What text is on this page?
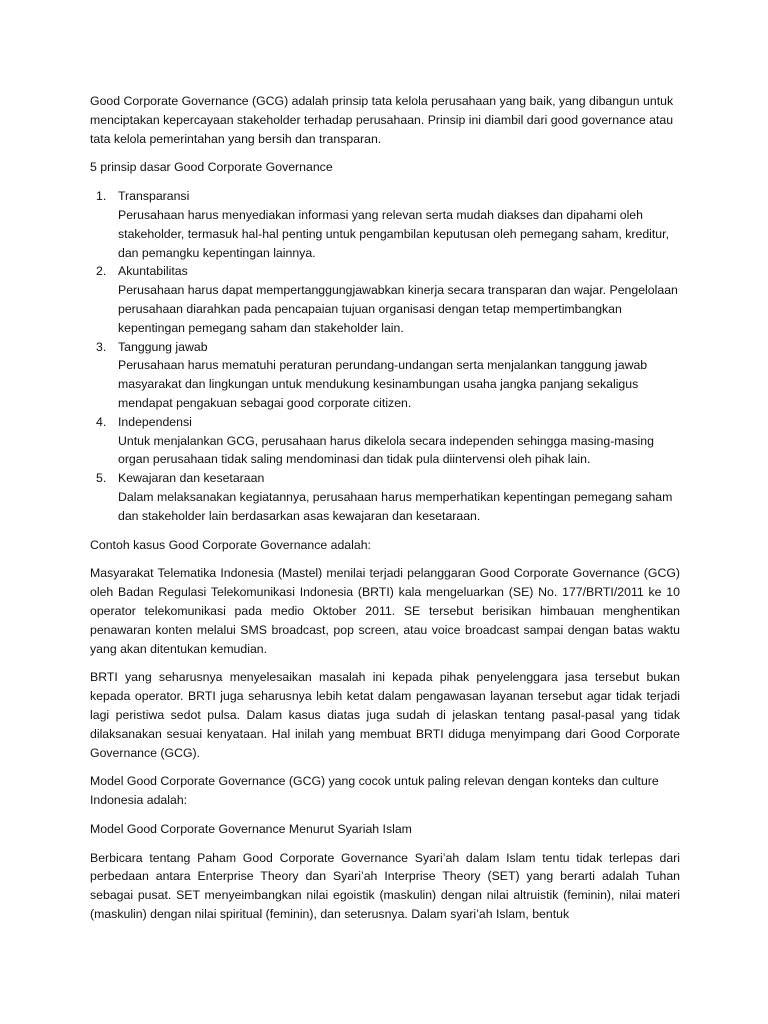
Good Corporate Governance (GCG) adalah prinsip tata kelola perusahaan yang baik, yang dibangun untuk menciptakan kepercayaan stakeholder terhadap perusahaan. Prinsip ini diambil dari good governance atau tata kelola pemerintahan yang bersih dan transparan.

5 prinsip dasar Good Corporate Governance

1. Transparansi
Perusahaan harus menyediakan informasi yang relevan serta mudah diakses dan dipahami oleh stakeholder, termasuk hal-hal penting untuk pengambilan keputusan oleh pemegang saham, kreditur, dan pemangku kepentingan lainnya.
2. Akuntabilitas
Perusahaan harus dapat mempertanggungjawabkan kinerja secara transparan dan wajar. Pengelolaan perusahaan diarahkan pada pencapaian tujuan organisasi dengan tetap mempertimbangkan kepentingan pemegang saham dan stakeholder lain.
3. Tanggung jawab
Perusahaan harus mematuhi peraturan perundang-undangan serta menjalankan tanggung jawab masyarakat dan lingkungan untuk mendukung kesinambungan usaha jangka panjang sekaligus mendapat pengakuan sebagai good corporate citizen.
4. Independensi
Untuk menjalankan GCG, perusahaan harus dikelola secara independen sehingga masing-masing organ perusahaan tidak saling mendominasi dan tidak pula diintervensi oleh pihak lain.
5. Kewajaran dan kesetaraan
Dalam melaksanakan kegiatannya, perusahaan harus memperhatikan kepentingan pemegang saham dan stakeholder lain berdasarkan asas kewajaran dan kesetaraan.

Contoh kasus Good Corporate Governance adalah:

Masyarakat Telematika Indonesia (Mastel) menilai terjadi pelanggaran Good Corporate Governance (GCG) oleh Badan Regulasi Telekomunikasi Indonesia (BRTI) kala mengeluarkan (SE) No. 177/BRTI/2011 ke 10 operator telekomunikasi pada medio Oktober 2011. SE tersebut berisikan himbauan menghentikan penawaran konten melalui SMS broadcast, pop screen, atau voice broadcast sampai dengan batas waktu yang akan ditentukan kemudian.

BRTI yang seharusnya menyelesaikan masalah ini kepada pihak penyelenggara jasa tersebut bukan kepada operator. BRTI juga seharusnya lebih ketat dalam pengawasan layanan tersebut agar tidak terjadi lagi peristiwa sedot pulsa. Dalam kasus diatas juga sudah di jelaskan tentang pasal-pasal yang tidak dilaksanakan sesuai kenyataan. Hal inilah yang membuat BRTI diduga menyimpang dari Good Corporate Governance (GCG).

Model Good Corporate Governance (GCG) yang cocok untuk paling relevan dengan konteks dan culture Indonesia adalah:

Model Good Corporate Governance Menurut Syariah Islam

Berbicara tentang Paham Good Corporate Governance Syari’ah dalam Islam tentu tidak terlepas dari perbedaan antara Enterprise Theory dan Syari’ah Interprise Theory (SET) yang berarti adalah Tuhan sebagai pusat. SET menyeimbangkan nilai egoistik (maskulin) dengan nilai altruistik (feminin), nilai materi (maskulin) dengan nilai spiritual (feminin), dan seterusnya. Dalam syari’ah Islam, bentuk
